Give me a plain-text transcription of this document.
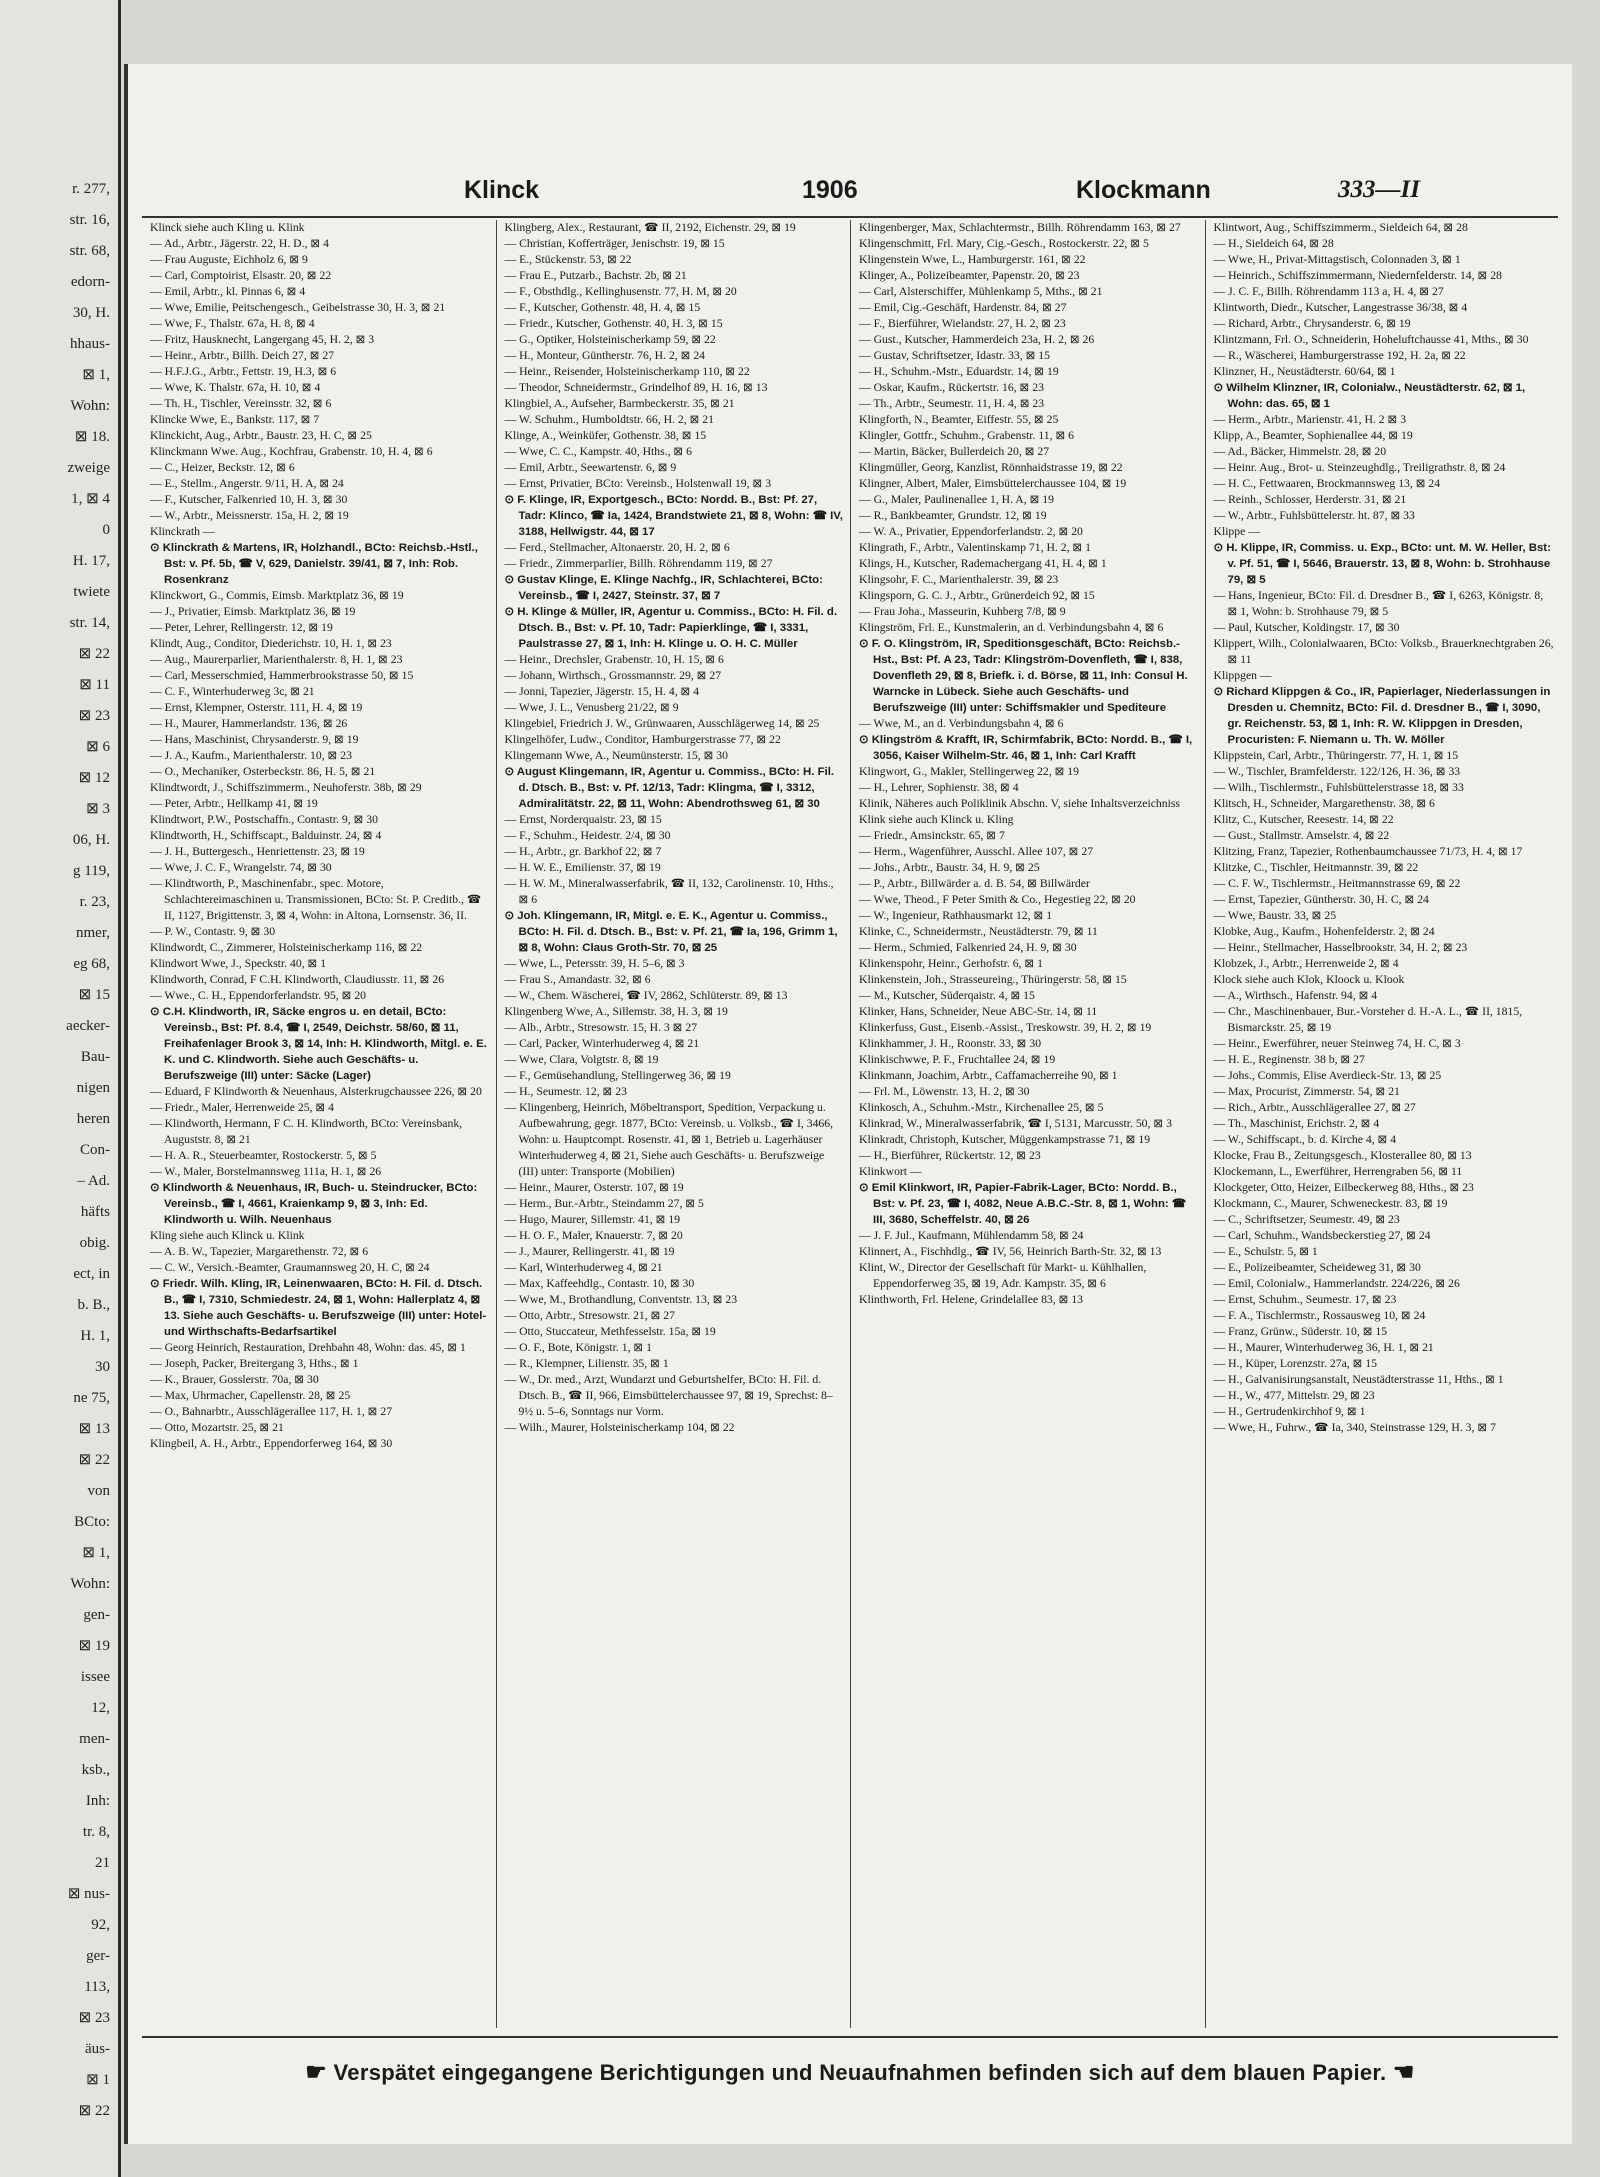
r. 277,
str. 16,
str. 68,
edorn-
30, H.
hhaus-
⊠ 1,
Wohn:
⊠ 18.
zweige
1, ⊠ 4
0
H. 17,
twiete
str. 14,
⊠ 22
⊠ 11
⊠ 23
⊠ 6
⊠ 12
⊠ 3
06, H.
g 119,
r. 23,
nmer,
eg 68,
⊠ 15
aecker-
Bau-
nigen
heren
Con-
– Ad.
häfts
obig.
ect, in
b. B.,
H. 1,
30
ne 75,
⊠ 13
⊠ 22
von
BCto:
⊠ 1,
Wohn:
gen-
⊠ 19
issee
12,
men-
ksb.,
Inh:
tr. 8,
21
⊠ nus-
92,
ger-
113,
⊠ 23
äus-
⊠ 1
⊠ 22
Klinck	1906	Klockmann	333—II

Klinck siehe auch Kling u. Klink

— Ad., Arbtr., Jägerstr. 22, H. D., ⊠ 4

— Frau Auguste, Eichholz 6, ⊠ 9

— Carl, Comptoirist, Elsastr. 20, ⊠ 22

— Emil, Arbtr., kl. Pinnas 6, ⊠ 4

— Wwe, Emilie, Peitschengesch., Geibelstrasse 30, H. 3, ⊠ 21

— Wwe, F., Thalstr. 67a, H. 8, ⊠ 4

— Fritz, Hausknecht, Langergang 45, H. 2, ⊠ 3

— Heinr., Arbtr., Billh. Deich 27, ⊠ 27

— H.F.J.G., Arbtr., Fettstr. 19, H.3, ⊠ 6

— Wwe, K. Thalstr. 67a, H. 10, ⊠ 4

— Th. H., Tischler, Vereinsstr. 32, ⊠ 6

Klincke Wwe, E., Bankstr. 117, ⊠ 7

Klinckicht, Aug., Arbtr., Baustr. 23, H. C, ⊠ 25

Klinckmann Wwe. Aug., Kochfrau, Grabenstr. 10, H. 4, ⊠ 6

— C., Heizer, Beckstr. 12, ⊠ 6

— E., Stellm., Angerstr. 9/11, H. A, ⊠ 24

— F., Kutscher, Falkenried 10, H. 3, ⊠ 30

— W., Arbtr., Meissnerstr. 15a, H. 2, ⊠ 19

Klinckrath —

⊙ Klinckrath & Martens, IR, Holzhandl., BCto: Reichsb.-Hstl., Bst: v. Pf. 5b, ☎ V, 629, Danielstr. 39/41, ⊠ 7, Inh: Rob. Rosenkranz

Klinckwort, G., Commis, Eimsb. Marktplatz 36, ⊠ 19

— J., Privatier, Eimsb. Marktplatz 36, ⊠ 19

— Peter, Lehrer, Rellingerstr. 12, ⊠ 19

Klindt, Aug., Conditor, Diederichstr. 10, H. 1, ⊠ 23

— Aug., Maurerparlier, Marienthalerstr. 8, H. 1, ⊠ 23

— Carl, Messerschmied, Hammerbrookstrasse 50, ⊠ 15

— C. F., Winterhuderweg 3c, ⊠ 21

— Ernst, Klempner, Osterstr. 111, H. 4, ⊠ 19

— H., Maurer, Hammerlandstr. 136, ⊠ 26

— Hans, Maschinist, Chrysanderstr. 9, ⊠ 19

— J. A., Kaufm., Marienthalerstr. 10, ⊠ 23

— O., Mechaniker, Osterbeckstr. 86, H. 5, ⊠ 21

Klindtwordt, J., Schiffszimmerm., Neuhoferstr. 38b, ⊠ 29

— Peter, Arbtr., Hellkamp 41, ⊠ 19

Klindtwort, P.W., Postschaffn., Contastr. 9, ⊠ 30

Klindtworth, H., Schiffscapt., Balduinstr. 24, ⊠ 4

— J. H., Buttergesch., Henriettenstr. 23, ⊠ 19

— Wwe, J. C. F., Wrangelstr. 74, ⊠ 30

— Klindtworth, P., Maschinenfabr., spec. Motore, Schlachtereimaschinen u. Transmissionen, BCto: St. P. Creditb., ☎ II, 1127, Brigittenstr. 3, ⊠ 4, Wohn: in Altona, Lornsenstr. 36, II.

— P. W., Contastr. 9, ⊠ 30

Klindwordt, C., Zimmerer, Holsteinischerkamp 116, ⊠ 22

Klindwort Wwe, J., Speckstr. 40, ⊠ 1

Klindworth, Conrad, F C.H. Klindworth, Claudiusstr. 11, ⊠ 26

— Wwe., C. H., Eppendorferlandstr. 95, ⊠ 20

⊙ C.H. Klindworth, IR, Säcke engros u. en detail, BCto: Vereinsb., Bst: Pf. 8.4, ☎ I, 2549, Deichstr. 58/60, ⊠ 11, Freihafenlager Brook 3, ⊠ 14, Inh: H. Klindworth, Mitgl. e. E. K. und C. Klindworth. Siehe auch Geschäfts- u. Berufszweige (III) unter: Säcke (Lager)

— Eduard, F Klindworth & Neuenhaus, Alsterkrugchaussee 226, ⊠ 20

— Friedr., Maler, Herrenweide 25, ⊠ 4

— Klindworth, Hermann, F C. H. Klindworth, BCto: Vereinsbank, Auguststr. 8, ⊠ 21

— H. A. R., Steuerbeamter, Rostockerstr. 5, ⊠ 5

— W., Maler, Borstelmannsweg 111a, H. 1, ⊠ 26

⊙ Klindworth & Neuenhaus, IR, Buch- u. Steindrucker, BCto: Vereinsb., ☎ I, 4661, Kraienkamp 9, ⊠ 3, Inh: Ed. Klindworth u. Wilh. Neuenhaus

Kling siehe auch Klinck u. Klink

— A. B. W., Tapezier, Margarethenstr. 72, ⊠ 6

— C. W., Versich.-Beamter, Graumannsweg 20, H. C, ⊠ 24

⊙ Friedr. Wilh. Kling, IR, Leinenwaaren, BCto: H. Fil. d. Dtsch. B., ☎ I, 7310, Schmiedestr. 24, ⊠ 1, Wohn: Hallerplatz 4, ⊠ 13. Siehe auch Geschäfts- u. Berufszweige (III) unter: Hotel- und Wirthschafts-Bedarfsartikel

— Georg Heinrich, Restauration, Drehbahn 48, Wohn: das. 45, ⊠ 1

— Joseph, Packer, Breitergang 3, Hths., ⊠ 1

— K., Brauer, Gosslerstr. 70a, ⊠ 30

— Max, Uhrmacher, Capellenstr. 28, ⊠ 25

— O., Bahnarbtr., Ausschlägerallee 117, H. 1, ⊠ 27

— Otto, Mozartstr. 25, ⊠ 21

Klingbeil, A. H., Arbtr., Eppendorferweg 164, ⊠ 30

Klingberg, Alex., Restaurant, ☎ II, 2192, Eichenstr. 29, ⊠ 19

— Christian, Kofferträger, Jenischstr. 19, ⊠ 15

— E., Stückenstr. 53, ⊠ 22

— Frau E., Putzarb., Bachstr. 2b, ⊠ 21

— F., Obsthdlg., Kellinghusenstr. 77, H. M, ⊠ 20

— F., Kutscher, Gothenstr. 48, H. 4, ⊠ 15

— Friedr., Kutscher, Gothenstr. 40, H. 3, ⊠ 15

— G., Optiker, Holsteinischerkamp 59, ⊠ 22

— H., Monteur, Güntherstr. 76, H. 2, ⊠ 24

— Heinr., Reisender, Holsteinischerkamp 110, ⊠ 22

— Theodor, Schneidermstr., Grindelhof 89, H. 16, ⊠ 13

Klingbiel, A., Aufseher, Barmbeckerstr. 35, ⊠ 21

— W. Schuhm., Humboldtstr. 66, H. 2, ⊠ 21

Klinge, A., Weinküfer, Gothenstr. 38, ⊠ 15

— Wwe, C. C., Kampstr. 40, Hths., ⊠ 6

— Emil, Arbtr., Seewartenstr. 6, ⊠ 9

— Ernst, Privatier, BCto: Vereinsb., Holstenwall 19, ⊠ 3

⊙ F. Klinge, IR, Exportgesch., BCto: Nordd. B., Bst: Pf. 27, Tadr: Klinco, ☎ Ia, 1424, Brandstwiete 21, ⊠ 8, Wohn: ☎ IV, 3188, Hellwigstr. 44, ⊠ 17

— Ferd., Stellmacher, Altonaerstr. 20, H. 2, ⊠ 6

— Friedr., Zimmerparlier, Billh. Röhrendamm 119, ⊠ 27

⊙ Gustav Klinge, E. Klinge Nachfg., IR, Schlachterei, BCto: Vereinsb., ☎ I, 2427, Steinstr. 37, ⊠ 7

⊙ H. Klinge & Müller, IR, Agentur u. Commiss., BCto: H. Fil. d. Dtsch. B., Bst: v. Pf. 10, Tadr: Papierklinge, ☎ I, 3331, Paulstrasse 27, ⊠ 1, Inh: H. Klinge u. O. H. C. Müller

— Heinr., Drechsler, Grabenstr. 10, H. 15, ⊠ 6

— Johann, Wirthsch., Grossmannstr. 29, ⊠ 27

— Jonni, Tapezier, Jägerstr. 15, H. 4, ⊠ 4

— Wwe, J. L., Venusberg 21/22, ⊠ 9

Klingebiel, Friedrich J. W., Grünwaaren, Ausschlägerweg 14, ⊠ 25

Klingelhöfer, Ludw., Conditor, Hamburgerstrasse 77, ⊠ 22

Klingemann Wwe, A., Neumünsterstr. 15, ⊠ 30

⊙ August Klingemann, IR, Agentur u. Commiss., BCto: H. Fil. d. Dtsch. B., Bst: v. Pf. 12/13, Tadr: Klingma, ☎ I, 3312, Admiralitätstr. 22, ⊠ 11, Wohn: Abendrothsweg 61, ⊠ 30

— Ernst, Norderquaistr. 23, ⊠ 15

— F., Schuhm., Heidestr. 2/4, ⊠ 30

— H., Arbtr., gr. Barkhof 22, ⊠ 7

— H. W. E., Emilienstr. 37, ⊠ 19

— H. W. M., Mineralwasserfabrik, ☎ II, 132, Carolinenstr. 10, Hths., ⊠ 6

⊙ Joh. Klingemann, IR, Mitgl. e. E. K., Agentur u. Commiss., BCto: H. Fil. d. Dtsch. B., Bst: v. Pf. 21, ☎ Ia, 196, Grimm 1, ⊠ 8, Wohn: Claus Groth-Str. 70, ⊠ 25

— Wwe, L., Petersstr. 39, H. 5–6, ⊠ 3

— Frau S., Amandastr. 32, ⊠ 6

— W., Chem. Wäscherei, ☎ IV, 2862, Schlüterstr. 89, ⊠ 13

Klingenberg Wwe, A., Sillemstr. 38, H. 3, ⊠ 19

— Alb., Arbtr., Stresowstr. 15, H. 3 ⊠ 27

— Carl, Packer, Winterhuderweg 4, ⊠ 21

— Wwe, Clara, Volgtstr. 8, ⊠ 19

— F., Gemüsehandlung, Stellingerweg 36, ⊠ 19

— H., Seumestr. 12, ⊠ 23

— Klingenberg, Heinrich, Möbeltransport, Spedition, Verpackung u. Aufbewahrung, gegr. 1877, BCto: Vereinsb. u. Volksb., ☎ I, 3466, Wohn: u. Hauptcompt. Rosenstr. 41, ⊠ 1, Betrieb u. Lagerhäuser Winterhuderweg 4, ⊠ 21, Siehe auch Geschäfts- u. Berufszweige (III) unter: Transporte (Mobilien)

— Heinr., Maurer, Osterstr. 107, ⊠ 19

— Herm., Bur.-Arbtr., Steindamm 27, ⊠ 5

— Hugo, Maurer, Sillemstr. 41, ⊠ 19

— H. O. F., Maler, Knauerstr. 7, ⊠ 20

— J., Maurer, Rellingerstr. 41, ⊠ 19

— Karl, Winterhuderweg 4, ⊠ 21

— Max, Kaffeehdlg., Contastr. 10, ⊠ 30

— Wwe, M., Brothandlung, Conventstr. 13, ⊠ 23

— Otto, Arbtr., Stresowstr. 21, ⊠ 27

— Otto, Stuccateur, Methfesselstr. 15a, ⊠ 19

— O. F., Bote, Königstr. 1, ⊠ 1

— R., Klempner, Lilienstr. 35, ⊠ 1

— W., Dr. med., Arzt, Wundarzt und Geburtshelfer, BCto: H. Fil. d. Dtsch. B., ☎ II, 966, Eimsbüttelerchaussee 97, ⊠ 19, Sprechst: 8–9½ u. 5–6, Sonntags nur Vorm.

— Wilh., Maurer, Holsteinischerkamp 104, ⊠ 22

Klingenberger, Max, Schlachtermstr., Billh. Röhrendamm 163, ⊠ 27

Klingenschmitt, Frl. Mary, Cig.-Gesch., Rostockerstr. 22, ⊠ 5

Klingenstein Wwe, L., Hamburgerstr. 161, ⊠ 22

Klinger, A., Polizeibeamter, Papenstr. 20, ⊠ 23

— Carl, Alsterschiffer, Mühlenkamp 5, Mths., ⊠ 21

— Emil, Cig.-Geschäft, Hardenstr. 84, ⊠ 27

— F., Bierführer, Wielandstr. 27, H. 2, ⊠ 23

— Gust., Kutscher, Hammerdeich 23a, H. 2, ⊠ 26

— Gustav, Schriftsetzer, Idastr. 33, ⊠ 15

— H., Schuhm.-Mstr., Eduardstr. 14, ⊠ 19

— Oskar, Kaufm., Rückertstr. 16, ⊠ 23

— Th., Arbtr., Seumestr. 11, H. 4, ⊠ 23

Klingforth, N., Beamter, Eiffestr. 55, ⊠ 25

Klingler, Gottfr., Schuhm., Grabenstr. 11, ⊠ 6

— Martin, Bäcker, Bullerdeich 20, ⊠ 27

Klingmüller, Georg, Kanzlist, Rönnhaidstrasse 19, ⊠ 22

Klingner, Albert, Maler, Eimsbüttelerchaussee 104, ⊠ 19

— G., Maler, Paulinenallee 1, H. A, ⊠ 19

— R., Bankbeamter, Grundstr. 12, ⊠ 19

— W. A., Privatier, Eppendorferlandstr. 2, ⊠ 20

Klingrath, F., Arbtr., Valentinskamp 71, H. 2, ⊠ 1

Klings, H., Kutscher, Rademachergang 41, H. 4, ⊠ 1

Klingsohr, F. C., Marienthalerstr. 39, ⊠ 23

Klingsporn, G. C. J., Arbtr., Grünerdeich 92, ⊠ 15

— Frau Joha., Masseurin, Kuhberg 7/8, ⊠ 9

Klingström, Frl. E., Kunstmalerin, an d. Verbindungsbahn 4, ⊠ 6

⊙ F. O. Klingström, IR, Speditionsgeschäft, BCto: Reichsb.-Hst., Bst: Pf. A 23, Tadr: Klingström-Dovenfleth, ☎ I, 838, Dovenfleth 29, ⊠ 8, Briefk. i. d. Börse, ⊠ 11, Inh: Consul H. Warncke in Lübeck. Siehe auch Geschäfts- und Berufszweige (III) unter: Schiffsmakler und Spediteure

— Wwe, M., an d. Verbindungsbahn 4, ⊠ 6

⊙ Klingström & Krafft, IR, Schirmfabrik, BCto: Nordd. B., ☎ I, 3056, Kaiser Wilhelm-Str. 46, ⊠ 1, Inh: Carl Krafft

Klingwort, G., Makler, Stellingerweg 22, ⊠ 19

— H., Lehrer, Sophienstr. 38, ⊠ 4

Klinik, Näheres auch Poliklinik Abschn. V, siehe Inhaltsverzeichniss

Klink siehe auch Klinck u. Kling

— Friedr., Amsinckstr. 65, ⊠ 7

— Herm., Wagenführer, Ausschl. Allee 107, ⊠ 27

— Johs., Arbtr., Baustr. 34, H. 9, ⊠ 25

— P., Arbtr., Billwärder a. d. B. 54, ⊠ Billwärder

— Wwe, Theod., F Peter Smith & Co., Hegestieg 22, ⊠ 20

— W., Ingenieur, Rathhausmarkt 12, ⊠ 1

Klinke, C., Schneidermstr., Neustädterstr. 79, ⊠ 11

— Herm., Schmied, Falkenried 24, H. 9, ⊠ 30

Klinkenspohr, Heinr., Gerhofstr. 6, ⊠ 1

Klinkenstein, Joh., Strasseureing., Thüringerstr. 58, ⊠ 15

— M., Kutscher, Süderqaistr. 4, ⊠ 15

Klinker, Hans, Schneider, Neue ABC-Str. 14, ⊠ 11

Klinkerfuss, Gust., Eisenb.-Assist., Treskowstr. 39, H. 2, ⊠ 19

Klinkhammer, J. H., Roonstr. 33, ⊠ 30

Klinkischwwe, P. F., Fruchtallee 24, ⊠ 19

Klinkmann, Joachim, Arbtr., Caffamacherreihe 90, ⊠ 1

— Frl. M., Löwenstr. 13, H. 2, ⊠ 30

Klinkosch, A., Schuhm.-Mstr., Kirchenallee 25, ⊠ 5

Klinkrad, W., Mineralwasserfabrik, ☎ I, 5131, Marcusstr. 50, ⊠ 3

Klinkradt, Christoph, Kutscher, Müggenkampstrasse 71, ⊠ 19

— H., Bierführer, Rückertstr. 12, ⊠ 23

Klinkwort —

⊙ Emil Klinkwort, IR, Papier-Fabrik-Lager, BCto: Nordd. B., Bst: v. Pf. 23, ☎ I, 4082, Neue A.B.C.-Str. 8, ⊠ 1, Wohn: ☎ III, 3680, Scheffelstr. 40, ⊠ 26

— J. F. Jul., Kaufmann, Mühlendamm 58, ⊠ 24

Klinnert, A., Fischhdlg., ☎ IV, 56, Heinrich Barth-Str. 32, ⊠ 13

Klint, W., Director der Gesellschaft für Markt- u. Kühlhallen, Eppendorferweg 35, ⊠ 19, Adr. Kampstr. 35, ⊠ 6

Klinthworth, Frl. Helene, Grindelallee 83, ⊠ 13

Klintwort, Aug., Schiffszimmerm., Sieldeich 64, ⊠ 28

— H., Sieldeich 64, ⊠ 28

— Wwe, H., Privat-Mittagstisch, Colonnaden 3, ⊠ 1

— Heinrich., Schiffszimmermann, Niedernfelderstr. 14, ⊠ 28

— J. C. F., Billh. Röhrendamm 113 a, H. 4, ⊠ 27

Klintworth, Diedr., Kutscher, Langestrasse 36/38, ⊠ 4

— Richard, Arbtr., Chrysanderstr. 6, ⊠ 19

Klintzmann, Frl. O., Schneiderin, Hoheluftchausse 41, Mths., ⊠ 30

— R., Wäscherei, Hamburgerstrasse 192, H. 2a, ⊠ 22

Klinzner, H., Neustädterstr. 60/64, ⊠ 1

⊙ Wilhelm Klinzner, IR, Colonialw., Neustädterstr. 62, ⊠ 1, Wohn: das. 65, ⊠ 1

— Herm., Arbtr., Marienstr. 41, H. 2 ⊠ 3

Klipp, A., Beamter, Sophienallee 44, ⊠ 19

— Ad., Bäcker, Himmelstr. 28, ⊠ 20

— Heinr. Aug., Brot- u. Steinzeughdlg., Treiligrathstr. 8, ⊠ 24

— H. C., Fettwaaren, Brockmannsweg 13, ⊠ 24

— Reinh., Schlosser, Herderstr. 31, ⊠ 21

— W., Arbtr., Fuhlsbüttelerstr. ht. 87, ⊠ 33

Klippe —

⊙ H. Klippe, IR, Commiss. u. Exp., BCto: unt. M. W. Heller, Bst: v. Pf. 51, ☎ I, 5646, Brauerstr. 13, ⊠ 8, Wohn: b. Strohhause 79, ⊠ 5

— Hans, Ingenieur, BCto: Fil. d. Dresdner B., ☎ I, 6263, Königstr. 8, ⊠ 1, Wohn: b. Strohhause 79, ⊠ 5

— Paul, Kutscher, Koldingstr. 17, ⊠ 30

Klippert, Wilh., Colonialwaaren, BCto: Volksb., Brauerknechtgraben 26, ⊠ 11

Klippgen —

⊙ Richard Klippgen & Co., IR, Papierlager, Niederlassungen in Dresden u. Chemnitz, BCto: Fil. d. Dresdner B., ☎ I, 3090, gr. Reichenstr. 53, ⊠ 1, Inh: R. W. Klippgen in Dresden, Procuristen: F. Niemann u. Th. W. Möller

Klippstein, Carl, Arbtr., Thüringerstr. 77, H. 1, ⊠ 15

— W., Tischler, Bramfelderstr. 122/126, H. 36, ⊠ 33

— Wilh., Tischlermstr., Fuhlsbüttelerstrasse 18, ⊠ 33

Klitsch, H., Schneider, Margarethenstr. 38, ⊠ 6

Klitz, C., Kutscher, Reesestr. 14, ⊠ 22

— Gust., Stallmstr. Amselstr. 4, ⊠ 22

Klitzing, Franz, Tapezier, Rothenbaumchaussee 71/73, H. 4, ⊠ 17

Klitzke, C., Tischler, Heitmannstr. 39, ⊠ 22

— C. F. W., Tischlermstr., Heitmannstrasse 69, ⊠ 22

— Ernst, Tapezier, Güntherstr. 30, H. C, ⊠ 24

— Wwe, Baustr. 33, ⊠ 25

Klobke, Aug., Kaufm., Hohenfelderstr. 2, ⊠ 24

— Heinr., Stellmacher, Hasselbrookstr. 34, H. 2, ⊠ 23

Klobzek, J., Arbtr., Herrenweide 2, ⊠ 4

Klock siehe auch Klok, Kloock u. Klook

— A., Wirthsch., Hafenstr. 94, ⊠ 4

— Chr., Maschinenbauer, Bur.-Vorsteher d. H.-A. L., ☎ II, 1815, Bismarckstr. 25, ⊠ 19

— Heinr., Ewerführer, neuer Steinweg 74, H. C, ⊠ 3

— H. E., Reginenstr. 38 b, ⊠ 27

— Johs., Commis, Elise Averdieck-Str. 13, ⊠ 25

— Max, Procurist, Zimmerstr. 54, ⊠ 21

— Rich., Arbtr., Ausschlägerallee 27, ⊠ 27

— Th., Maschinist, Erichstr. 2, ⊠ 4

— W., Schiffscapt., b. d. Kirche 4, ⊠ 4

Klocke, Frau B., Zeitungsgesch., Klosterallee 80, ⊠ 13

Klockemann, L., Ewerführer, Herrengraben 56, ⊠ 11

Klockgeter, Otto, Heizer, Eilbeckerweg 88, Hths., ⊠ 23

Klockmann, C., Maurer, Schweneckestr. 83, ⊠ 19

— C., Schriftsetzer, Seumestr. 49, ⊠ 23

— Carl, Schuhm., Wandsbeckerstieg 27, ⊠ 24

— E., Schulstr. 5, ⊠ 1

— E., Polizeibeamter, Scheideweg 31, ⊠ 30

— Emil, Colonialw., Hammerlandstr. 224/226, ⊠ 26

— Ernst, Schuhm., Seumestr. 17, ⊠ 23

— F. A., Tischlermstr., Rossausweg 10, ⊠ 24

— Franz, Grünw., Süderstr. 10, ⊠ 15

— H., Maurer, Winterhuderweg 36, H. 1, ⊠ 21

— H., Küper, Lorenzstr. 27a, ⊠ 15

— H., Galvanisirungsanstalt, Neustädterstrasse 11, Hths., ⊠ 1

— H., W., 477, Mittelstr. 29, ⊠ 23

— H., Gertrudenkirchhof 9, ⊠ 1

— Wwe, H., Fuhrw., ☎ Ia, 340, Steinstrasse 129, H. 3, ⊠ 7

☛ Verspätet eingegangene Berichtigungen und Neuaufnahmen befinden sich auf dem blauen Papier. ☚
